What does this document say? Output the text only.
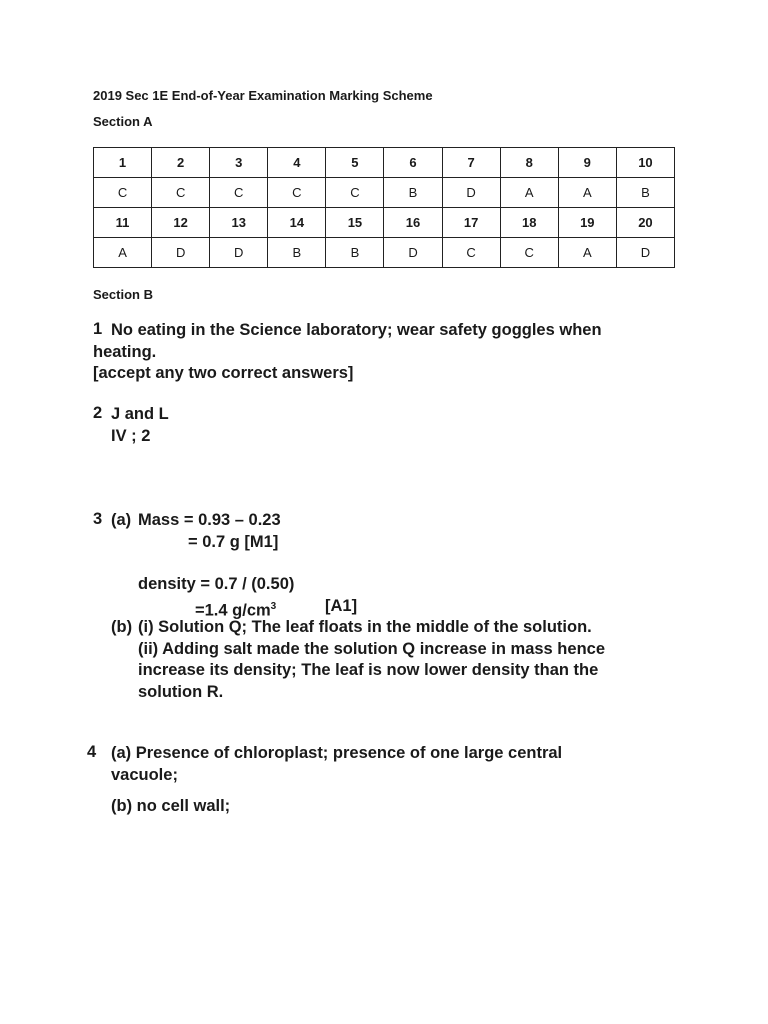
2019 Sec 1E End-of-Year Examination Marking Scheme
Section A
1	2	3	4	5	6	7	8	9	10
C	C	C	C	C	B	D	A	A	B
11	12	13	14	15	16	17	18	19	20
A	D	D	B	B	D	C	C	A	D
Section B
1 No eating in the Science laboratory; wear safety goggles when
heating.
[accept any two correct answers]
2 J and L
IV ; 2
3 (a) Mass = 0.93 – 0.23
= 0.7 g [M1]
density = 0.7 / (0.50)
=1.4 $g/cm^3$	[A1]
(b) (i) Solution Q; The leaf floats in the middle of the solution.
(ii) Adding salt made the solution Q increase in mass hence
increase its density; The leaf is now lower density than the
solution R.
4 (a) Presence of chloroplast; presence of one large central
vacuole;
(b) no cell wall;
